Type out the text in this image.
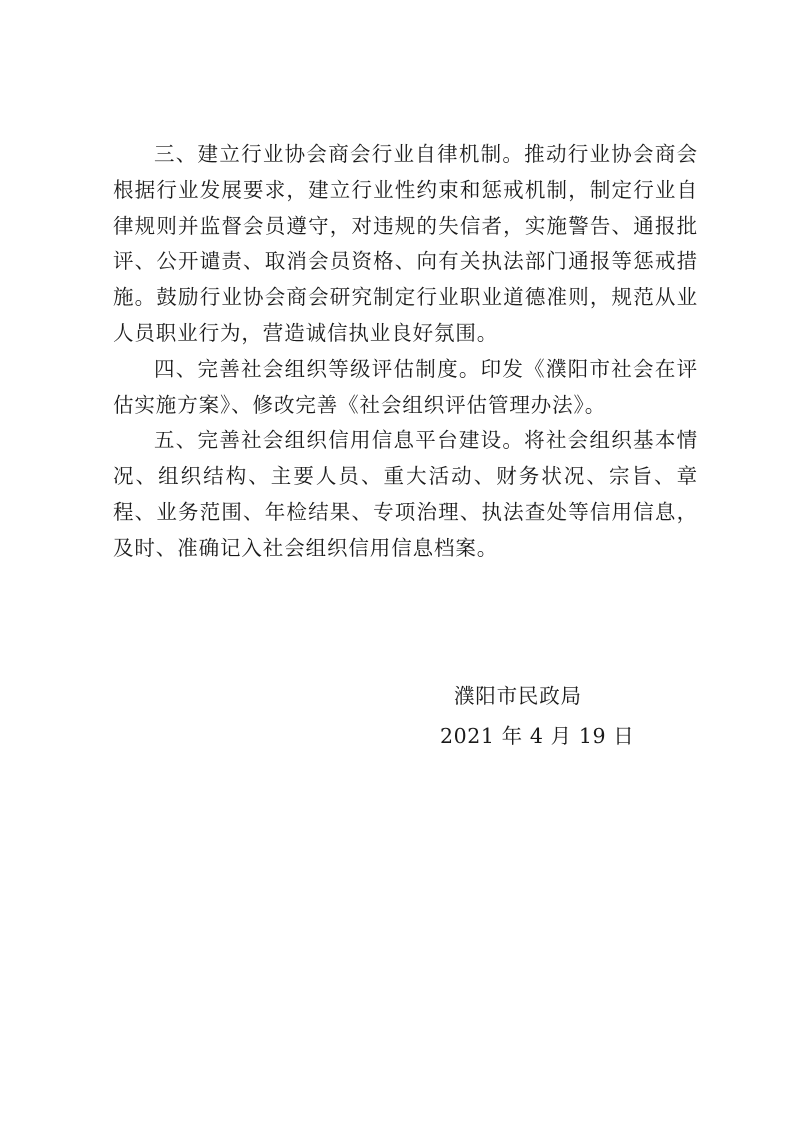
三、建立行业协会商会行业自律机制。推动行业协会商会根据行业发展要求，建立行业性约束和惩戒机制，制定行业自律规则并监督会员遵守，对违规的失信者，实施警告、通报批评、公开谴责、取消会员资格、向有关执法部门通报等惩戒措施。鼓励行业协会商会研究制定行业职业道德准则，规范从业人员职业行为，营造诚信执业良好氛围。

四、完善社会组织等级评估制度。印发《濮阳市社会在评估实施方案》、修改完善《社会组织评估管理办法》。

五、完善社会组织信用信息平台建设。将社会组织基本情况、组织结构、主要人员、重大活动、财务状况、宗旨、章程、业务范围、年检结果、专项治理、执法查处等信用信息，及时、准确记入社会组织信用信息档案。

濮阳市民政局
2021 年 4 月 19 日
